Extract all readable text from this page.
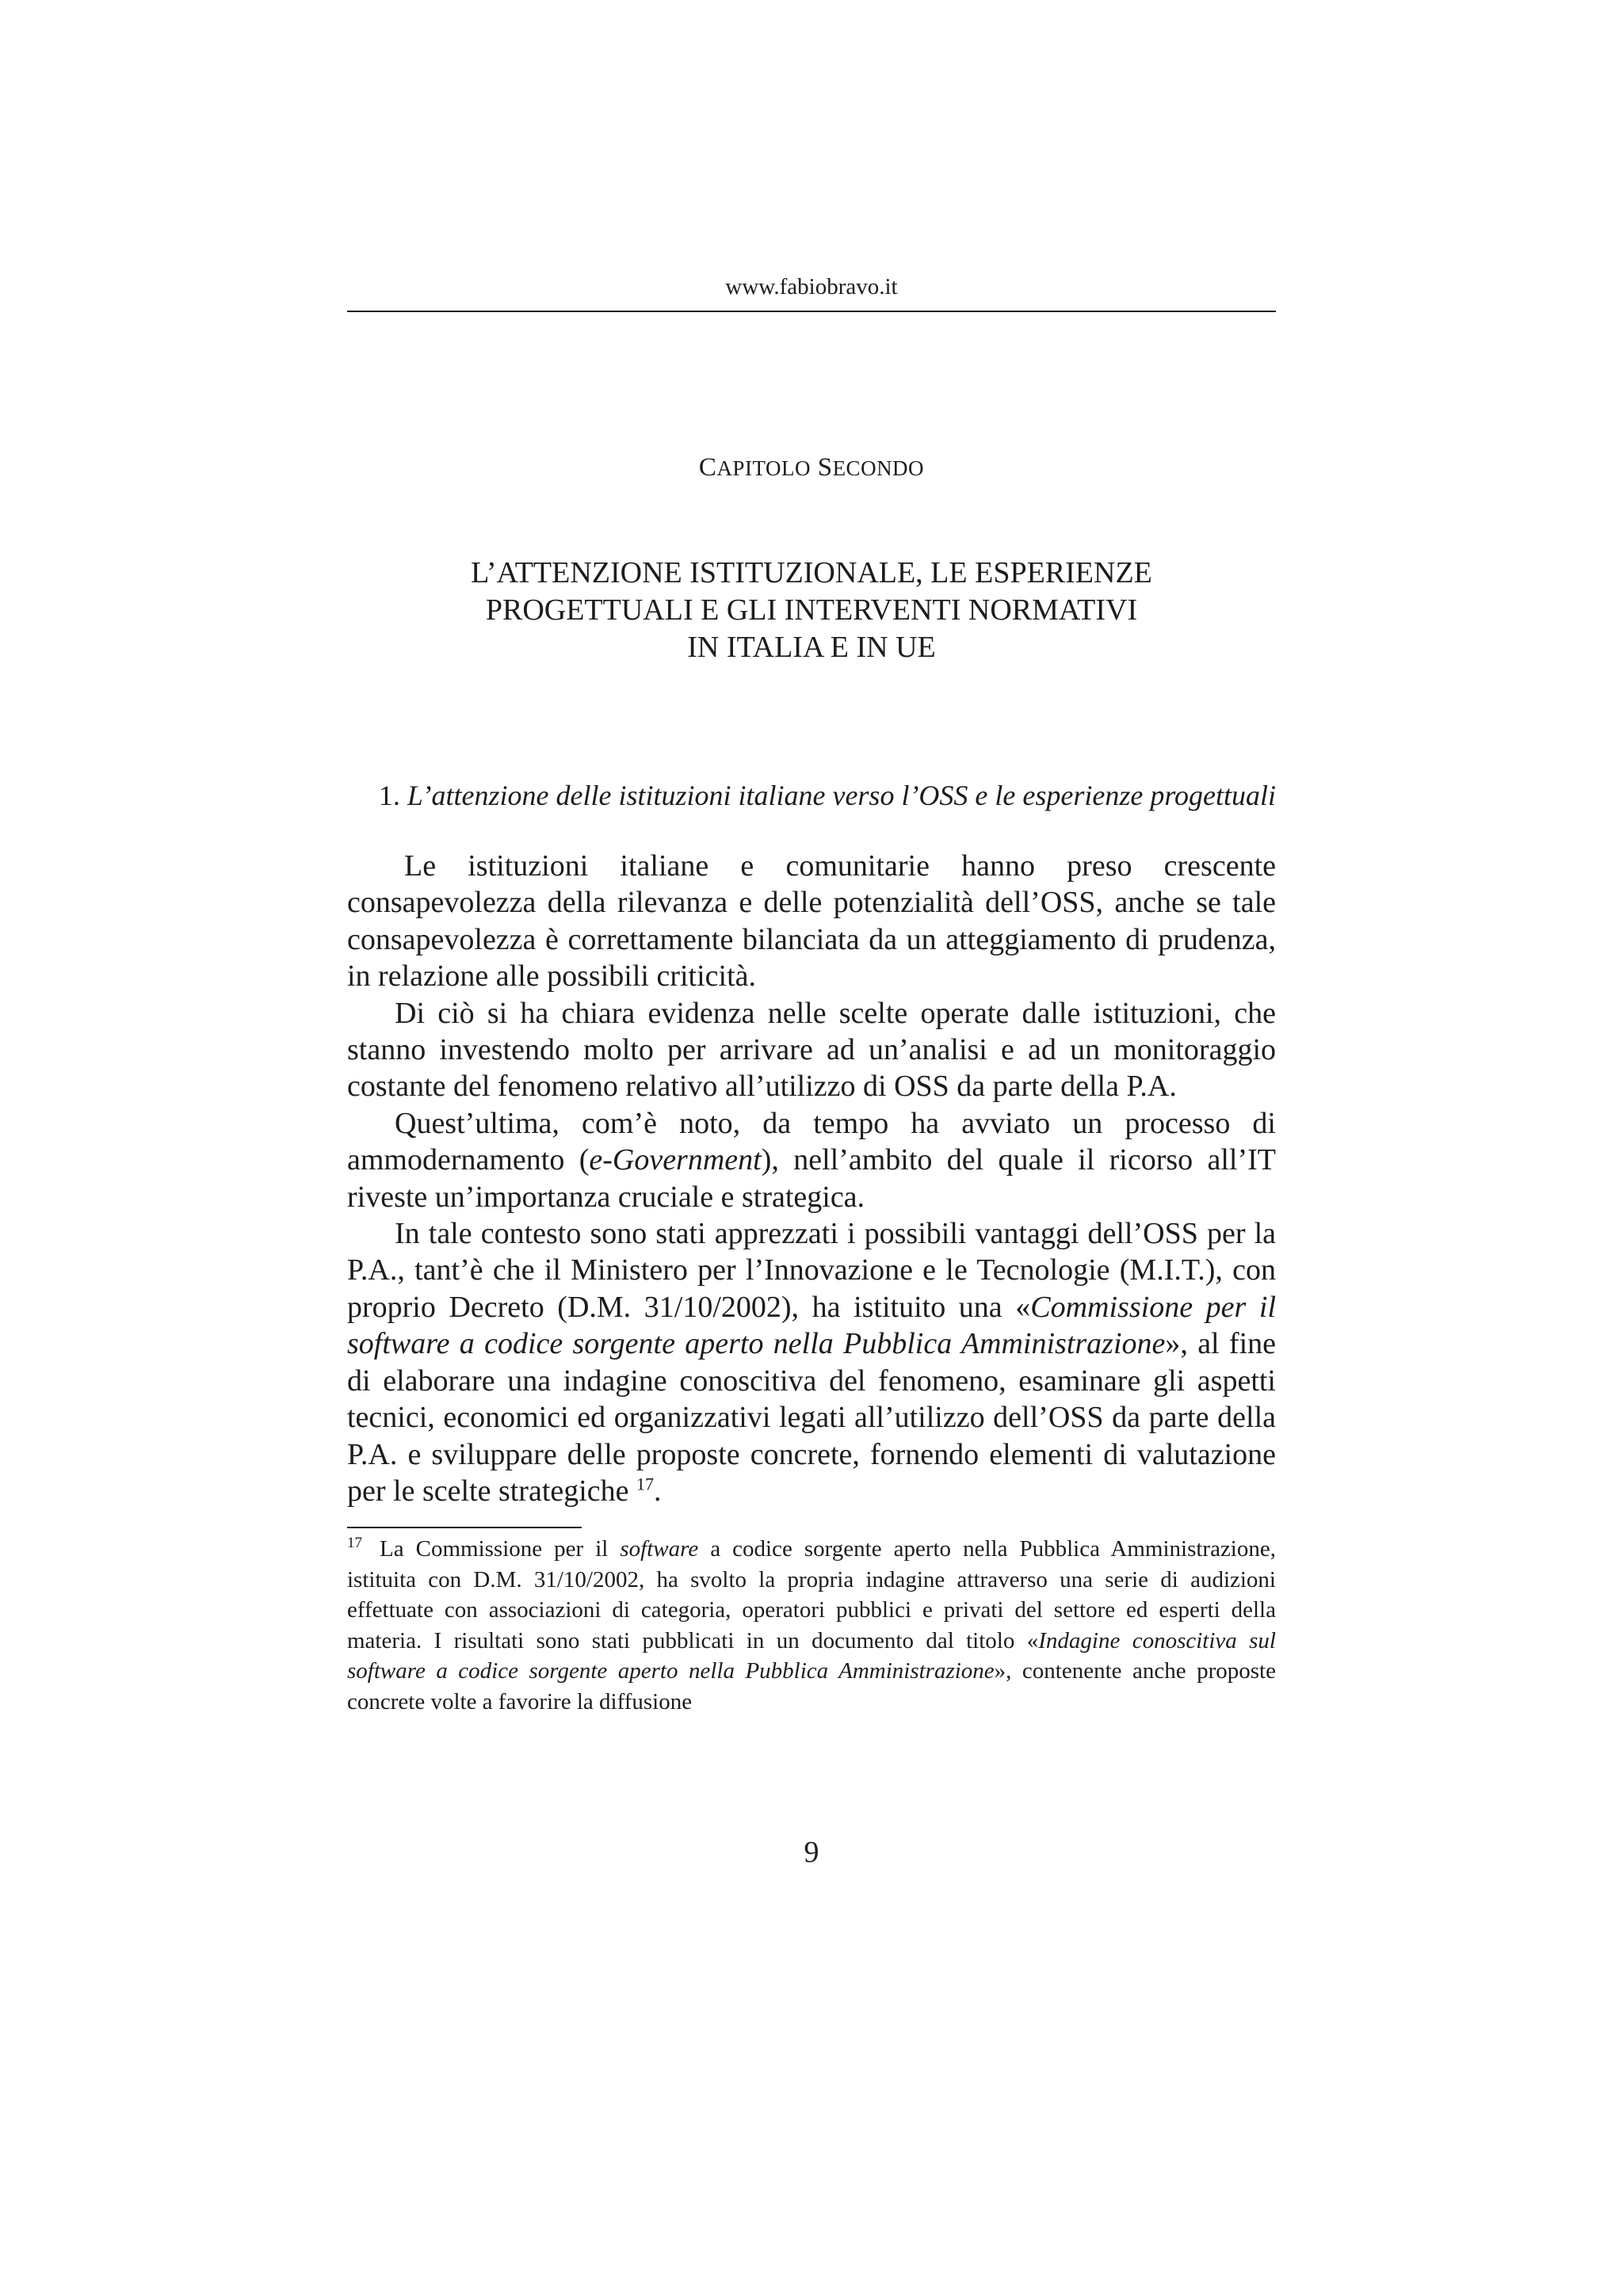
www.fabiobravo.it
CAPITOLO SECONDO
L’ATTENZIONE ISTITUZIONALE, LE ESPERIENZE
PROGETTUALI E GLI INTERVENTI NORMATIVI
IN ITALIA E IN UE
1. L’attenzione delle istituzioni italiane verso l’OSS e le esperienze progettuali

Le istituzioni italiane e comunitarie hanno preso crescente consapevolezza della rilevanza e delle potenzialità dell’OSS, anche se tale consapevolezza è correttamente bilanciata da un atteggiamento di prudenza, in relazione alle possibili criticità.

Di ciò si ha chiara evidenza nelle scelte operate dalle istituzioni, che stanno investendo molto per arrivare ad un’analisi e ad un monitoraggio costante del fenomeno relativo all’utilizzo di OSS da parte della P.A.

Quest’ultima, com’è noto, da tempo ha avviato un processo di ammodernamento (e-Government), nell’ambito del quale il ricorso all’IT riveste un’importanza cruciale e strategica.

In tale contesto sono stati apprezzati i possibili vantaggi dell’OSS per la P.A., tant’è che il Ministero per l’Innovazione e le Tecnologie (M.I.T.), con proprio Decreto (D.M. 31/10/2002), ha istituito una «Commissione per il software a codice sorgente aperto nella Pubblica Amministrazione», al fine di elaborare una indagine conoscitiva del fenomeno, esaminare gli aspetti tecnici, economici ed organizzativi legati all’utilizzo dell’OSS da parte della P.A. e sviluppare delle proposte concrete, fornendo elementi di valutazione per le scelte strategiche $^{17}$.

$^{17}$ La Commissione per il software a codice sorgente aperto nella Pubblica Amministrazione, istituita con D.M. 31/10/2002, ha svolto la propria indagine attraverso una serie di audizioni effettuate con associazioni di categoria, operatori pubblici e privati del settore ed esperti della materia. I risultati sono stati pubblicati in un documento dal titolo «Indagine conoscitiva sul software a codice sorgente aperto nella Pubblica Amministrazione», contenente anche proposte concrete volte a favorire la diffusione

9
